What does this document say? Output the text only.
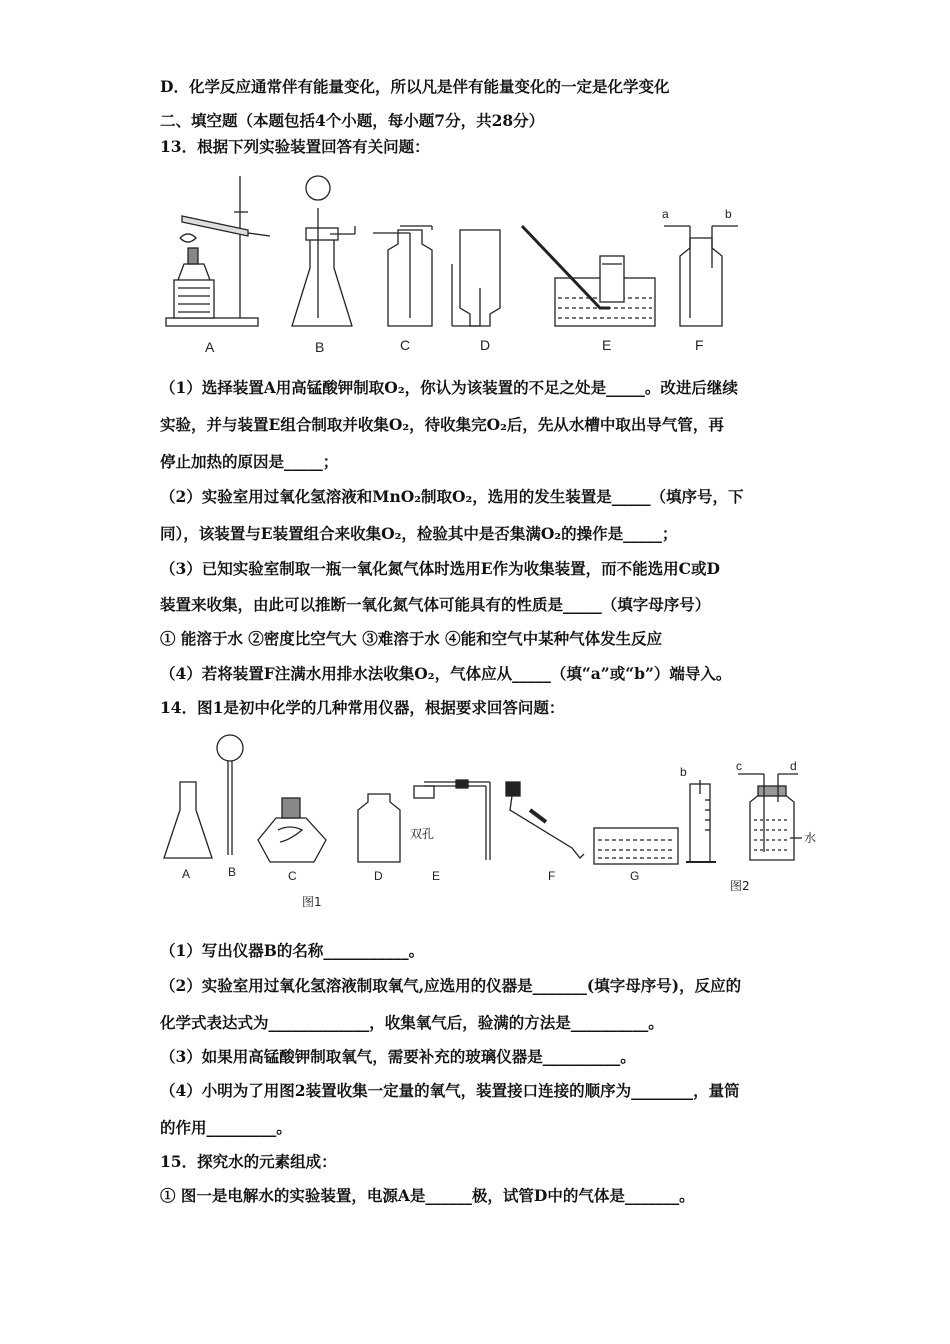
D．化学反应通常伴有能量变化，所以凡是伴有能量变化的一定是化学变化
二、填空题（本题包括4个小题，每小题7分，共28分）
13．根据下列实验装置回答有关问题：
A	B	C	D	E	F
a	b
（1）选择装置A用高锰酸钾制取O₂，你认为该装置的不足之处是_____。改进后继续
实验，并与装置E组合制取并收集O₂，待收集完O₂后，先从水槽中取出导气管，再
停止加热的原因是_____；
（2）实验室用过氧化氢溶液和MnO₂制取O₂，选用的发生装置是_____（填序号，下
同），该装置与E装置组合来收集O₂，检验其中是否集满O₂的操作是_____；
（3）已知实验室制取一瓶一氧化氮气体时选用E作为收集装置，而不能选用C或D
装置来收集，由此可以推断一氧化氮气体可能具有的性质是_____（填字母序号）
① 能溶于水 ②密度比空气大 ③难溶于水 ④能和空气中某种气体发生反应
（4）若将装置F注满水用排水法收集O₂，气体应从_____（填“a”或“b”）端导入。
14．图1是初中化学的几种常用仪器，根据要求回答问题：
A	B	C	D	E	F	G
双孔
图1
图2
b	c	d
水
（1）写出仪器B的名称___________。
（2）实验室用过氧化氢溶液制取氧气,应选用的仪器是_______(填字母序号)，反应的
化学式表达式为_____________，收集氧气后，验满的方法是__________。
（3）如果用高锰酸钾制取氧气，需要补充的玻璃仪器是__________。
（4）小明为了用图2装置收集一定量的氧气，装置接口连接的顺序为________，量筒
的作用_________。
15．探究水的元素组成：
① 图一是电解水的实验装置，电源A是______极，试管D中的气体是_______。
